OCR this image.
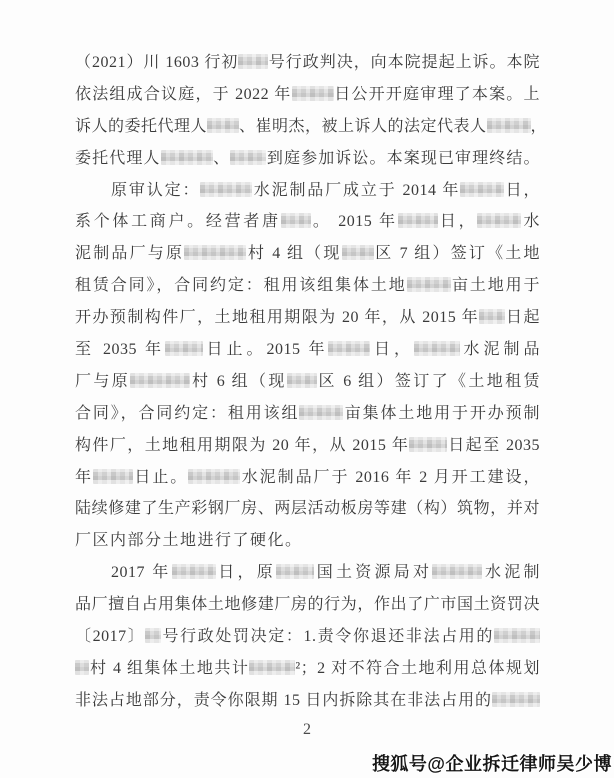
（2021）川 1603 行初 号行政判决，向本院提起上诉。本院
依法组成合议庭，于 2022 年	日公开开庭审理了本案。上
诉人的委托代理人 、崔明杰，被上诉人的法定代表人	，
委托代理人	、 到庭参加诉讼。本案现已审理终结。
原审认定：	水泥制品厂成立于 2014 年	日，
系个体工商户。经营者唐 。 2015 年	日，	水
泥制品厂与原	村 4 组（现 区 7 组）签订《土地
租赁合同》，合同约定：租用该组集体土地	亩土地用于
开办预制构件厂，土地租用期限为 20 年，从 2015 年 日起
至 2035 年 日止。2015 年	日，	水泥制品
厂与原	村 6 组（现 区 6 组）签订了《土地租赁
合同》，合同约定：租用该组	亩集体土地用于开办预制
构件厂，土地租用期限为 20 年，从 2015 年 日起至 2035
年	日止。	水泥制品厂于 2016 年 2 月开工建设，
陆续修建了生产彩钢厂房、两层活动板房等建（构）筑物，并对
厂区内部分土地进行了硬化。
2017 年	日，原 国土资源局对	水泥制
品厂擅自占用集体土地修建厂房的行为，作出了广市国土资罚决
〔2017〕 号行政处罚决定：1.责令你退还非法占用的
村 4 组集体土地共计	²；2 对不符合土地利用总体规划
非法占地部分，责令你限期 15 日内拆除其在非法占用的
2
搜狐号@企业拆迁律师吴少博
